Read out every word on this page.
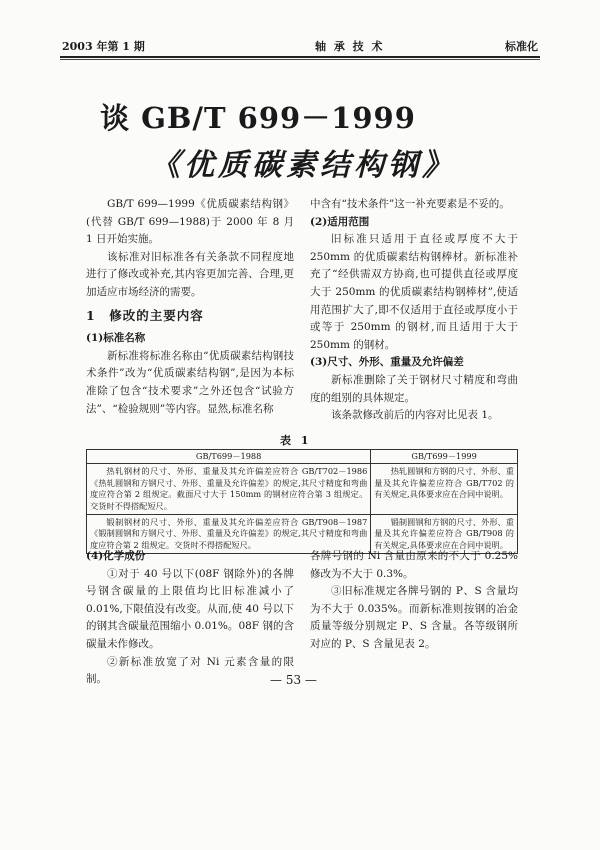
2003 年第 1 期	轴 承 技 术	标准化
谈 GB/T 699－1999
《优质碳素结构钢》

GB/T 699—1999《优质碳素结构钢》(代替 GB/T 699—1988)于 2000 年 8 月 1 日开始实施。

该标准对旧标准各有关条款不同程度地进行了修改或补充,其内容更加完善、合理,更加适应市场经济的需要。

1　修改的主要内容

(1)标准名称

新标准将标准名称由“优质碳素结构钢技术条件”改为“优质碳素结构钢”,是因为本标准除了包含“技术要求”之外还包含“试验方法”、“检验规则”等内容。显然,标准名称

中含有“技术条件”这一补充要素是不妥的。

(2)适用范围

旧标准只适用于直径或厚度不大于 250mm 的优质碳素结构钢棒材。新标准补充了“经供需双方协商,也可提供直径或厚度大于 250mm 的优质碳素结构钢棒材”,使适用范围扩大了,即不仅适用于直径或厚度小于或等于 250mm 的钢材,而且适用于大于 250mm 的钢材。

(3)尺寸、外形、重量及允许偏差

新标准删除了关于钢材尺寸精度和弯曲度的组别的具体规定。

该条款修改前后的内容对比见表 1。

表 1
GB/T699－1988	GB/T699－1999

热轧钢材的尺寸、外形、重量及其允许偏差应符合 GB/T702－1986《热轧圆钢和方钢尺寸、外形、重量及允许偏差》的规定,其尺寸精度和弯曲度应符合第 2 组规定。截面尺寸大于 150mm 的钢材应符合第 3 组规定。交货时不得搭配短尺。	热轧圆钢和方钢的尺寸、外形、重量及其允许偏差应符合 GB/T702 的有关规定,具体要求应在合同中说明。

锻制钢材的尺寸、外形、重量及其允许偏差应符合 GB/T908－1987《锻制圆钢和方钢尺寸、外形、重量及允许偏差》的规定,其尺寸精度和弯曲度应符合第 2 组规定。交货时不得搭配短尺。	锻制圆钢和方钢的尺寸、外形、重量及其允许偏差应符合 GB/T908 的有关规定,具体要求应在合同中说明。

(4)化学成份

①对于 40 号以下(08F 钢除外)的各牌号钢含碳量的上限值均比旧标准减小了 0.01%,下限值没有改变。从而,使 40 号以下的钢其含碳量范围缩小 0.01%。08F 钢的含碳量未作修改。

②新标准放宽了对 Ni 元素含量的限制。

各牌号钢的 Ni 含量由原来的不大于 0.25% 修改为不大于 0.3%。

③旧标准规定各牌号钢的 P、S 含量均为不大于 0.035%。而新标准则按钢的冶金质量等级分别规定 P、S 含量。各等级钢所对应的 P、S 含量见表 2。

— 53 —
